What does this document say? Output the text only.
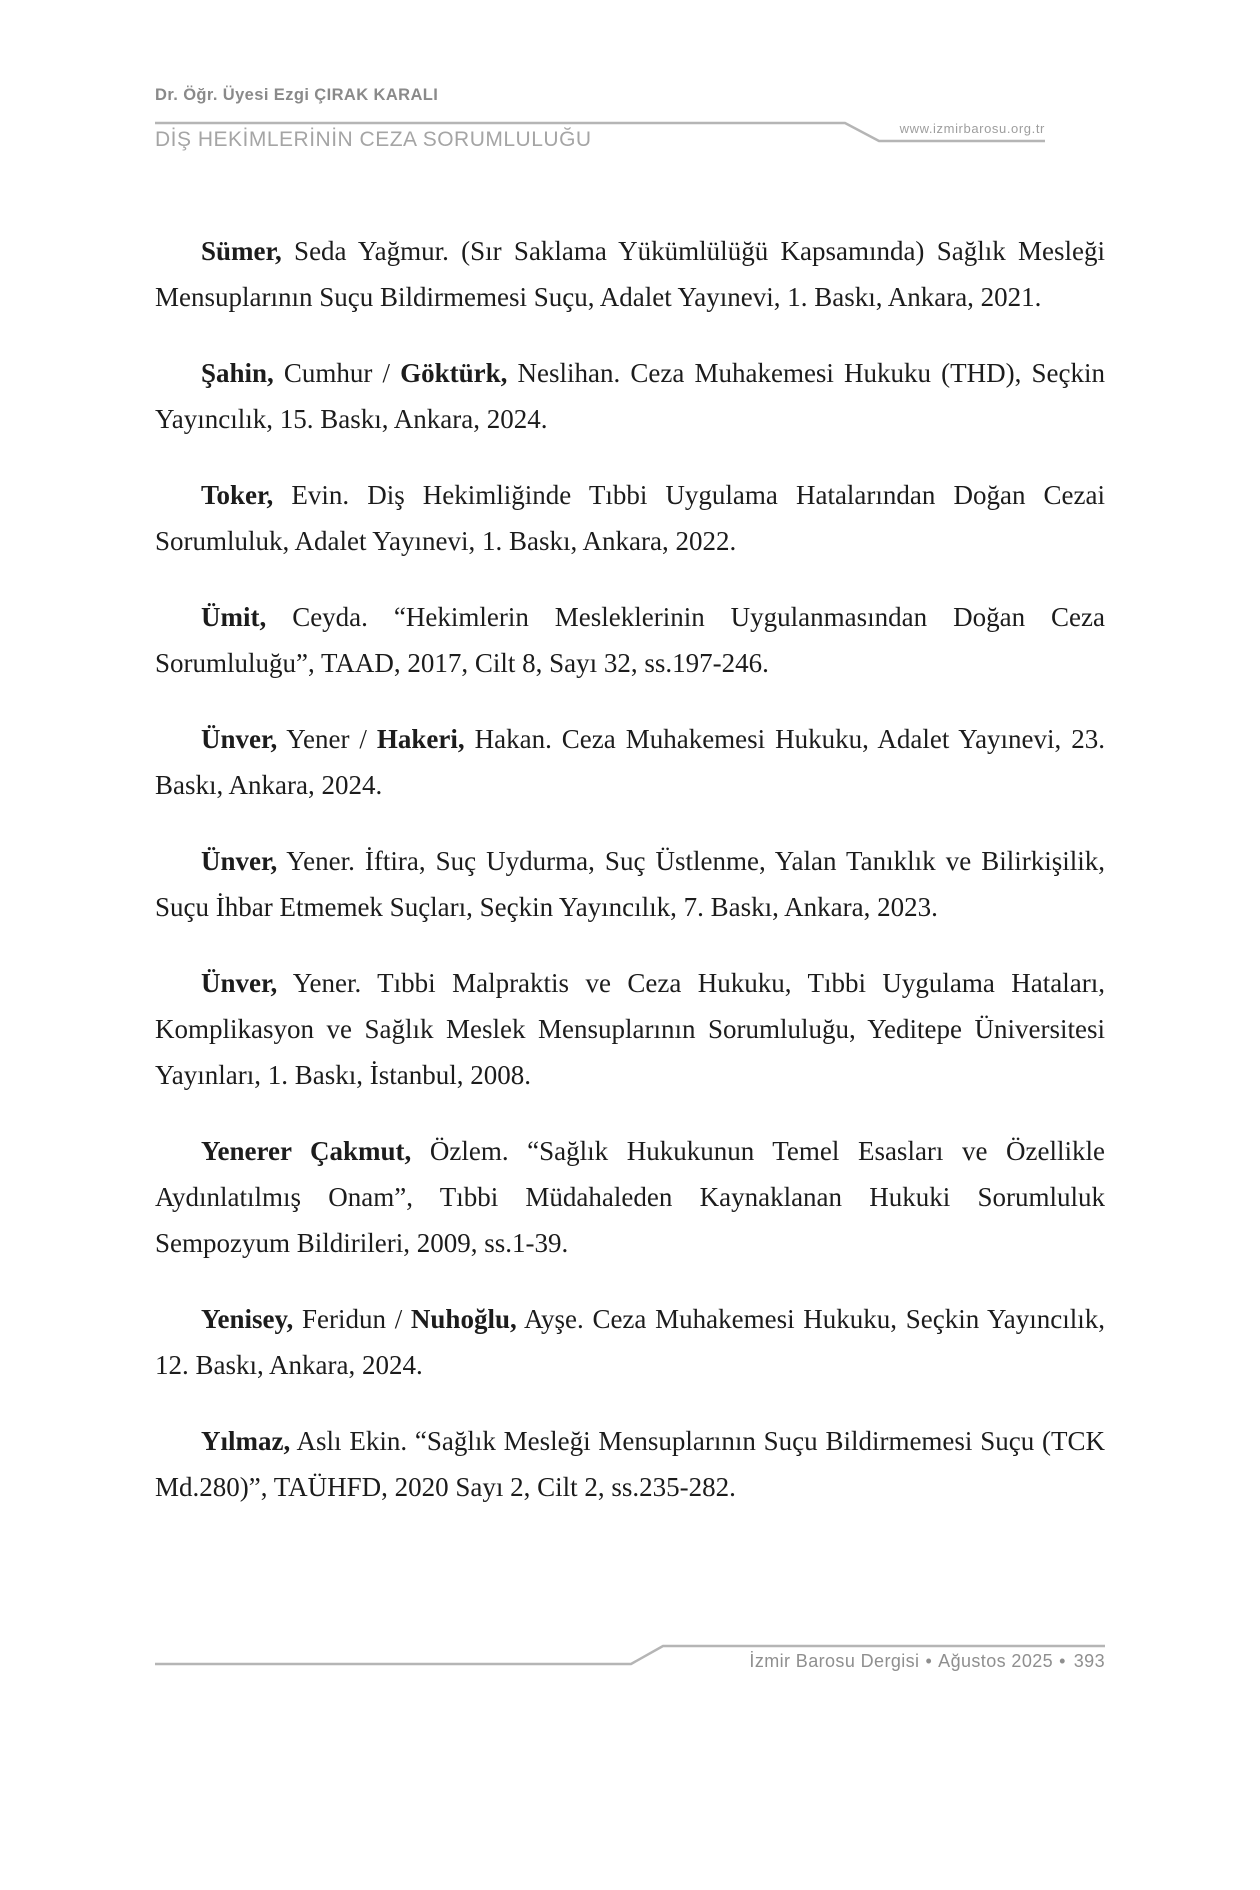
Dr. Öğr. Üyesi Ezgi ÇIRAK KARALI
www.izmirbarosu.org.tr
DİŞ HEKİMLERİNİN CEZA SORUMLULUĞU

Sümer, Seda Yağmur. (Sır Saklama Yükümlülüğü Kapsamında) Sağlık Mesleği Mensuplarının Suçu Bildirmemesi Suçu, Adalet Yayınevi, 1. Baskı, Ankara, 2021.

Şahin, Cumhur / Göktürk, Neslihan. Ceza Muhakemesi Hukuku (THD), Seçkin Yayıncılık, 15. Baskı, Ankara, 2024.

Toker, Evin. Diş Hekimliğinde Tıbbi Uygulama Hatalarından Doğan Cezai Sorumluluk, Adalet Yayınevi, 1. Baskı, Ankara, 2022.

Ümit, Ceyda. “Hekimlerin Mesleklerinin Uygulanmasından Doğan Ceza Sorumluluğu”, TAAD, 2017, Cilt 8, Sayı 32, ss.197-246.

Ünver, Yener / Hakeri, Hakan. Ceza Muhakemesi Hukuku, Adalet Yayınevi, 23. Baskı, Ankara, 2024.

Ünver, Yener. İftira, Suç Uydurma, Suç Üstlenme, Yalan Tanıklık ve Bilirkişilik, Suçu İhbar Etmemek Suçları, Seçkin Yayıncılık, 7. Baskı, Ankara, 2023.

Ünver, Yener. Tıbbi Malpraktis ve Ceza Hukuku, Tıbbi Uygulama Hataları, Komplikasyon ve Sağlık Meslek Mensuplarının Sorumluluğu, Yeditepe Üniversitesi Yayınları, 1. Baskı, İstanbul, 2008.

Yenerer Çakmut, Özlem. “Sağlık Hukukunun Temel Esasları ve Özellikle Aydınlatılmış Onam”, Tıbbi Müdahaleden Kaynaklanan Hukuki Sorumluluk Sempozyum Bildirileri, 2009, ss.1-39.

Yenisey, Feridun / Nuhoğlu, Ayşe. Ceza Muhakemesi Hukuku, Seçkin Yayıncılık, 12. Baskı, Ankara, 2024.

Yılmaz, Aslı Ekin. “Sağlık Mesleği Mensuplarının Suçu Bildirmemesi Suçu (TCK Md.280)”, TAÜHFD, 2020 Sayı 2, Cilt 2, ss.235-282.

İzmir Barosu Dergisi • Ağustos 2025 • 393
